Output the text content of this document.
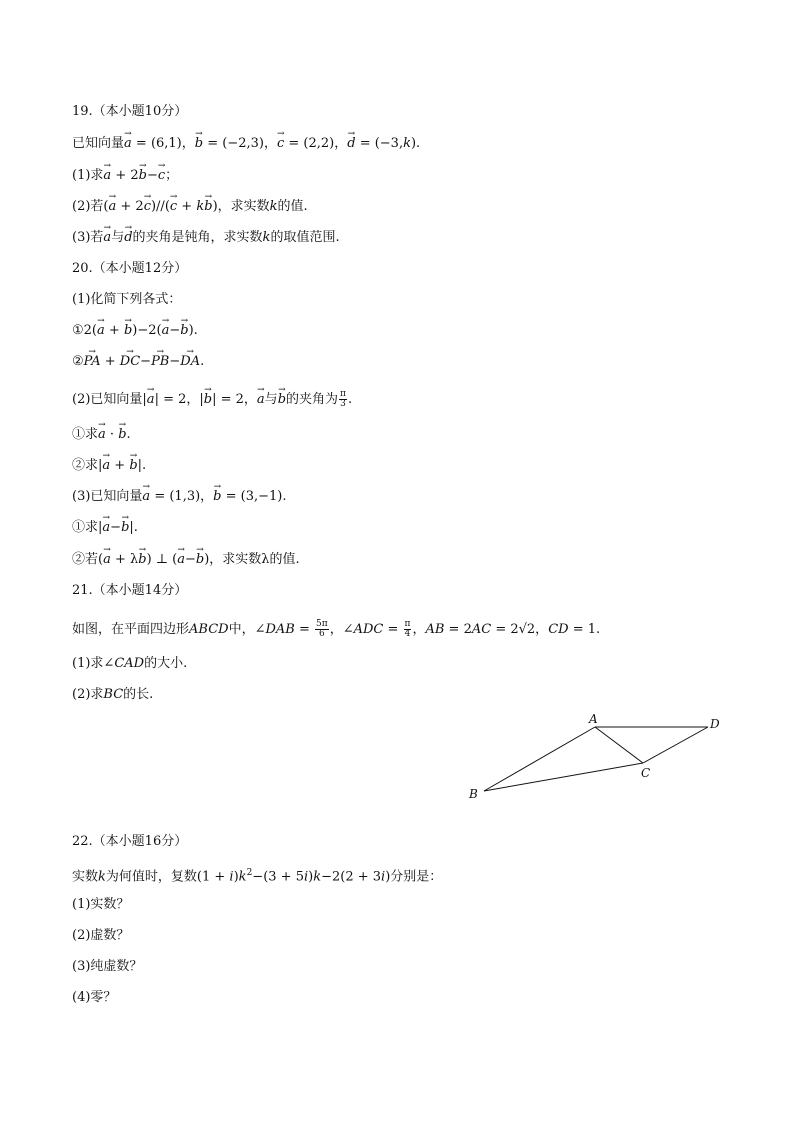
19.（本小题10分）
已知向量→ a = (6,1)，→ b = (−2,3)，→ c = (2,2)，→ d = (−3,k).
(1)求→ a + 2→ b−→ c；
(2)若(→ a + 2→ c)//(→ c + k→ b)，求实数k的值.
(3)若→ a与→ d的夹角是钝角，求实数k的取值范围.
20.（本小题12分）
(1)化简下列各式：
①2(→ a + → b)−2(→ a−→ b).
②→ PA + → DC−→ PB−→ DA.
(2)已知向量|→ a| = 2，|→ b| = 2，→ a与→ b的夹角为 $\frac{\pi}{3}$ .
①求→ a · → b.
②求|→ a + → b|.
(3)已知向量→ a = (1,3)，→ b = (3,−1).
①求|→ a−→ b|.
②若(→ a + λ→ b) ⊥ (→ a−→ b)，求实数λ的值.
21.（本小题14分）
如图，在平面四边形ABCD中，∠DAB = $\frac{5\pi}{6}$ ，∠ADC = $\frac{\pi}{4}$ ，AB = 2AC = 2√2，CD = 1.
(1)求∠CAD的大小.
(2)求BC的长.
A	D
C
B
22.（本小题16分）
实数k为何值时，复数$(1 + i)k^2-(3 + 5i)k-2(2 + 3i)$分别是：
(1)实数？
(2)虚数？
(3)纯虚数？
(4)零？
